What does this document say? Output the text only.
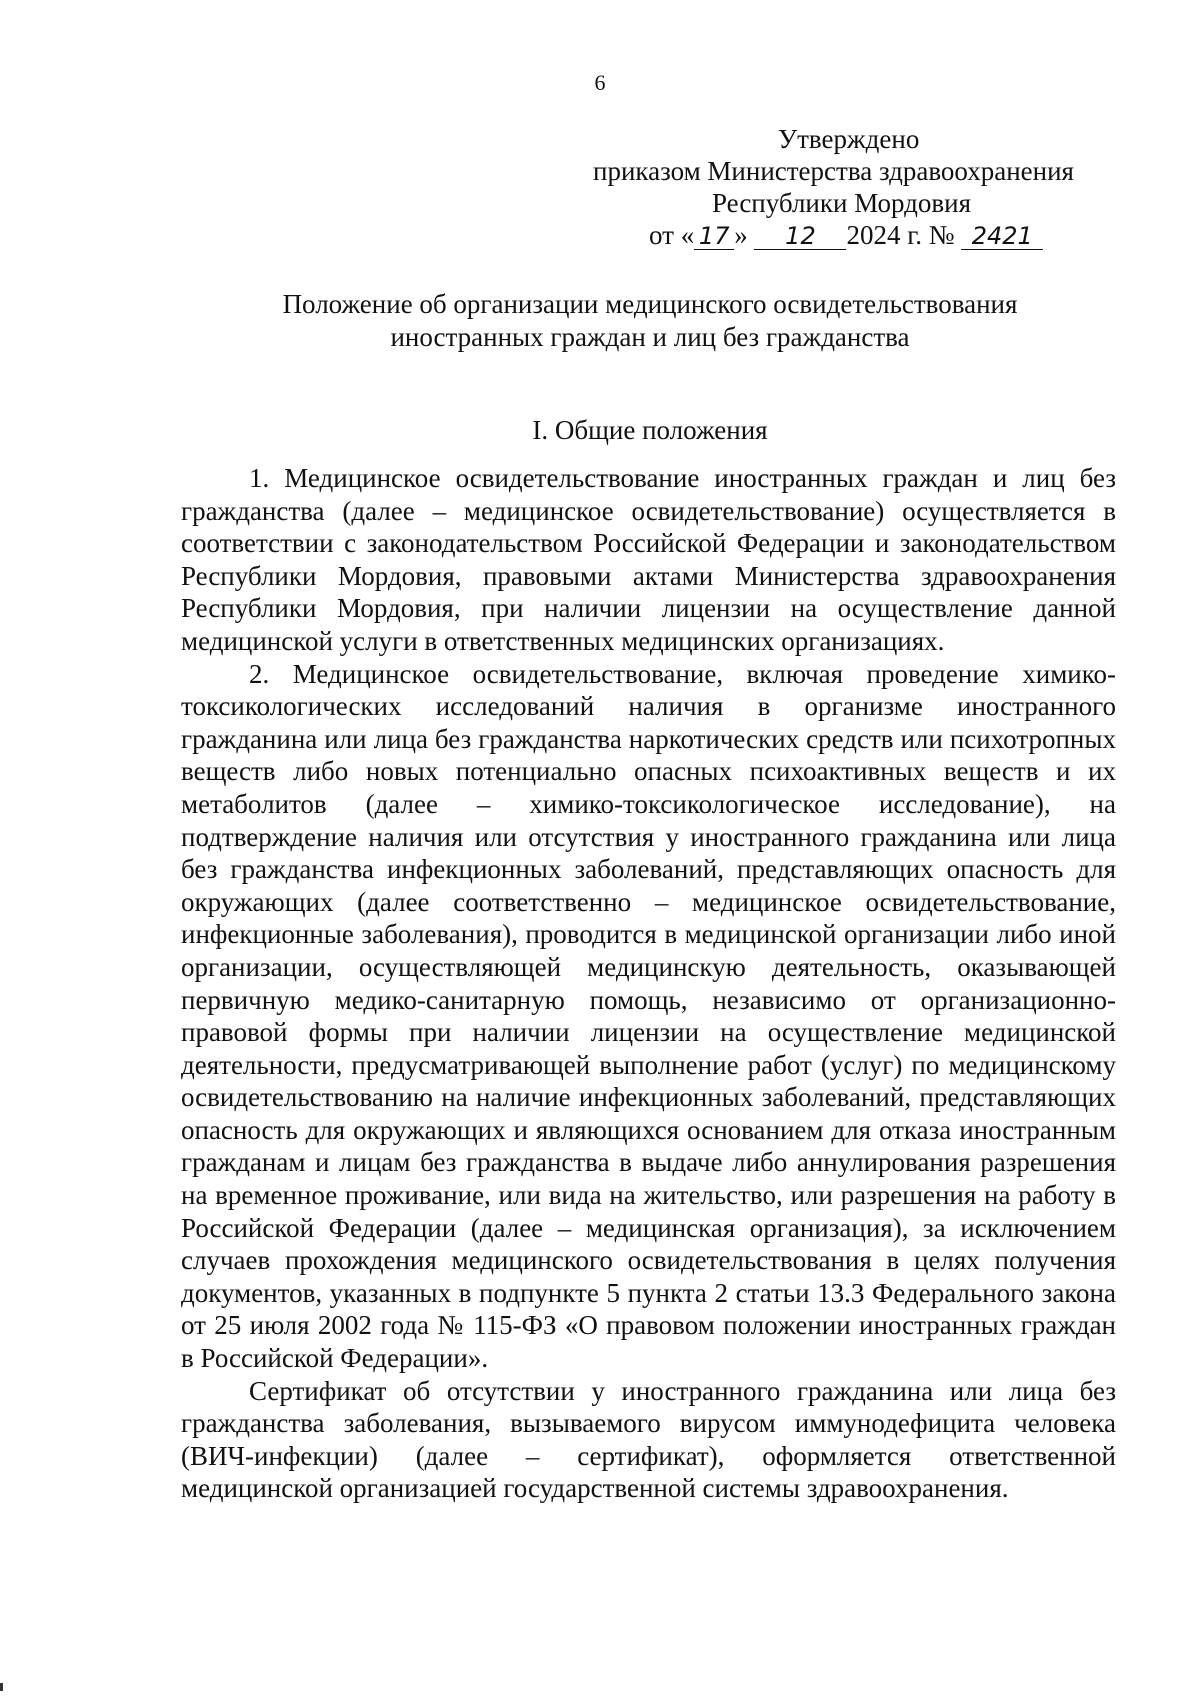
6
Утверждено
приказом Министерства здравоохранения
Республики Мордовия
от « 17 » 12 2024 г. № 2421
Положение об организации медицинского освидетельствования
иностранных граждан и лиц без гражданства
I. Общие положения

1. Медицинское освидетельствование иностранных граждан и лиц без гражданства (далее – медицинское освидетельствование) осуществляется в соответствии с законодательством Российской Федерации и законодательством Республики Мордовия, правовыми актами Министерства здравоохранения Республики Мордовия, при наличии лицензии на осуществление данной медицинской услуги в ответственных медицинских организациях.

2. Медицинское освидетельствование, включая проведение химико-токсикологических исследований наличия в организме иностранного гражданина или лица без гражданства наркотических средств или психотропных веществ либо новых потенциально опасных психоактивных веществ и их метаболитов (далее – химико-токсикологическое исследование), на подтверждение наличия или отсутствия у иностранного гражданина или лица без гражданства инфекционных заболеваний, представляющих опасность для окружающих (далее соответственно – медицинское освидетельствование, инфекционные заболевания), проводится в медицинской организации либо иной организации, осуществляющей медицинскую деятельность, оказывающей первичную медико-санитарную помощь, независимо от организационно-правовой формы при наличии лицензии на осуществление медицинской деятельности, предусматривающей выполнение работ (услуг) по медицинскому освидетельствованию на наличие инфекционных заболеваний, представляющих опасность для окружающих и являющихся основанием для отказа иностранным гражданам и лицам без гражданства в выдаче либо аннулирования разрешения на временное проживание, или вида на жительство, или разрешения на работу в Российской Федерации (далее – медицинская организация), за исключением случаев прохождения медицинского освидетельствования в целях получения документов, указанных в подпункте 5 пункта 2 статьи 13.3 Федерального закона от 25 июля 2002 года № 115-ФЗ «О правовом положении иностранных граждан в Российской Федерации».

Сертификат об отсутствии у иностранного гражданина или лица без гражданства заболевания, вызываемого вирусом иммунодефицита человека (ВИЧ-инфекции) (далее – сертификат), оформляется ответственной медицинской организацией государственной системы здравоохранения.
